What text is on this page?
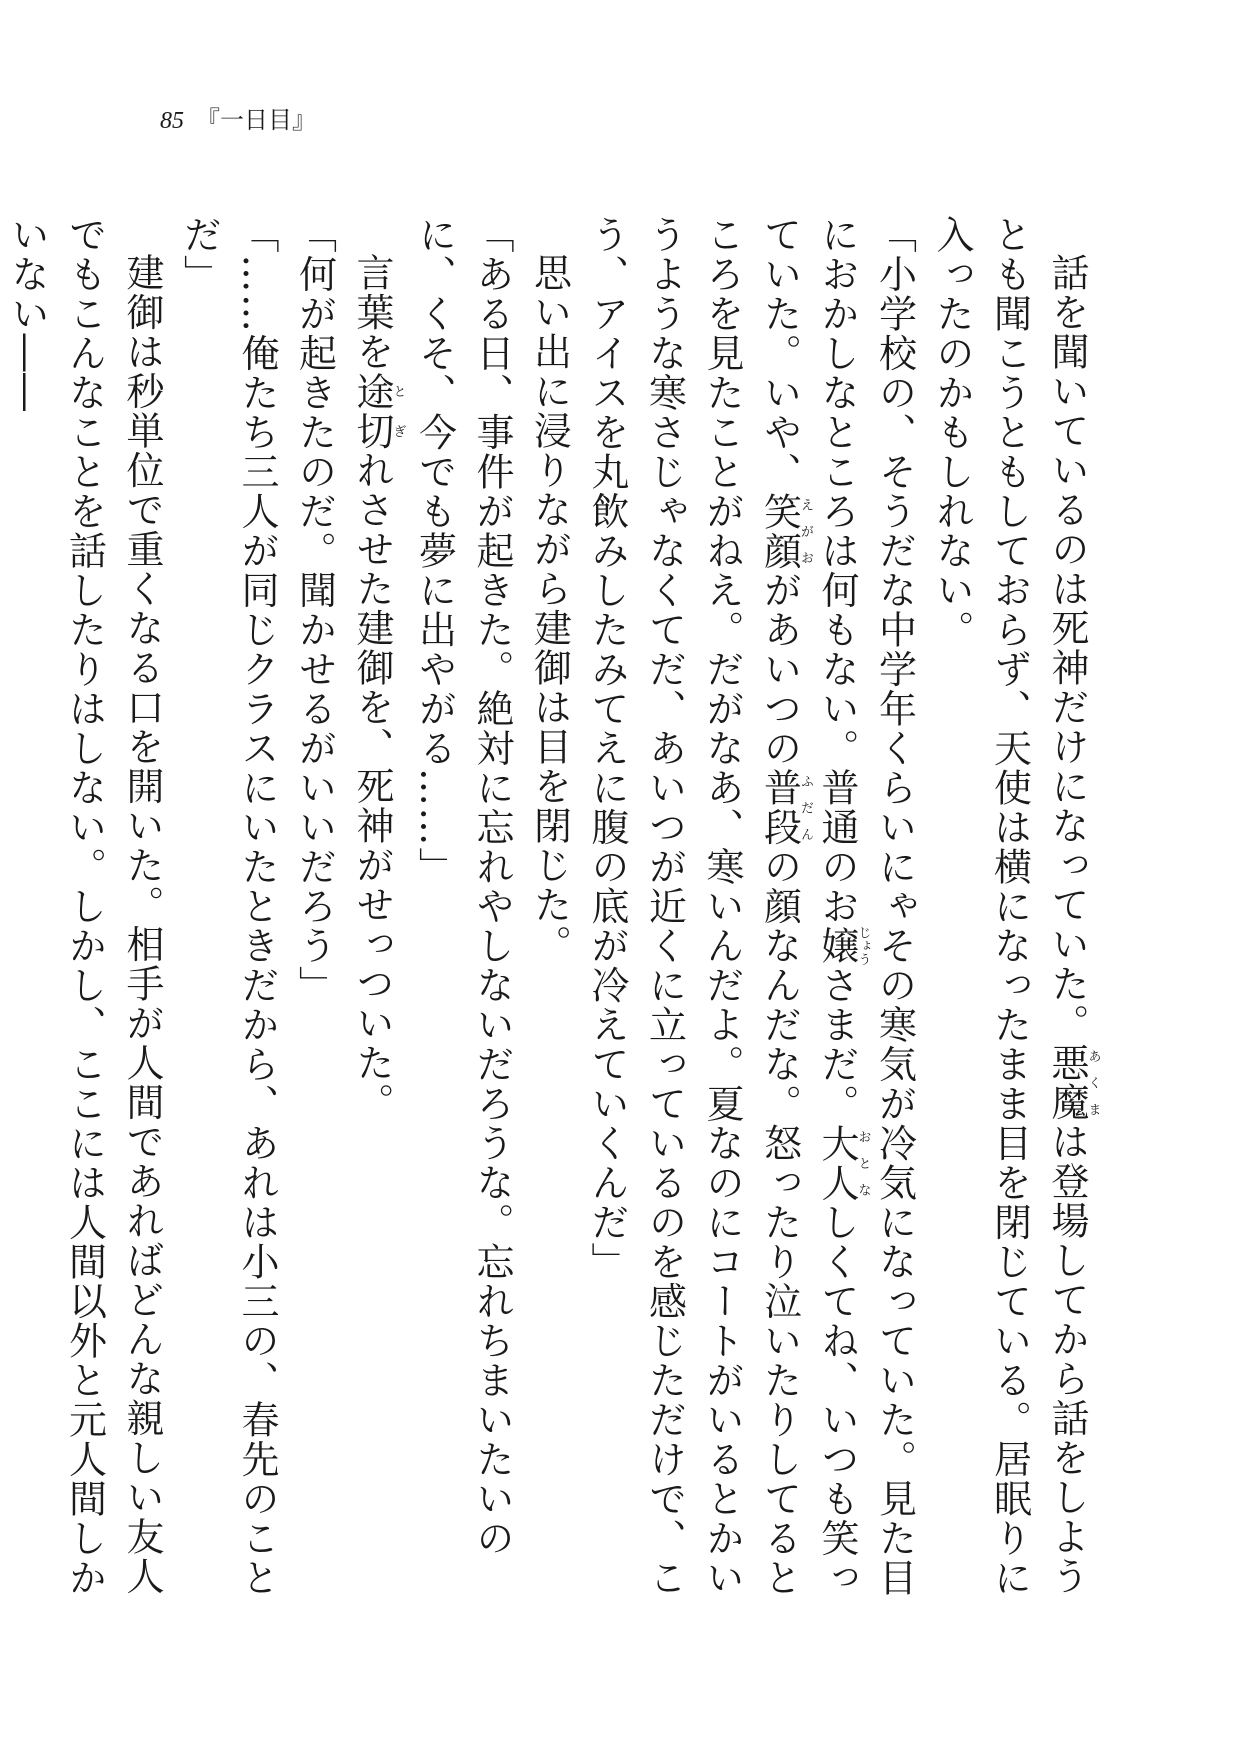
85 『一日目』

話を聞いているのは死神だけになっていた。悪魔あくまは登場してから話をしようとも聞こうともしておらず、天使は横になったまま目を閉じている。居眠りに入ったのかもしれない。

「小学校の、そうだな中学年くらいにゃその寒気が冷気になっていた。見た目におかしなところは何もない。普通のお嬢じょうさまだ。大人おとなしくてね、いつも笑っていた。いや、笑顔えがおがあいつの普段ふだんの顔なんだな。怒ったり泣いたりしてるところを見たことがねえ。だがなあ、寒いんだよ。夏なのにコートがいるとかいうような寒さじゃなくてだ、あいつが近くに立っているのを感じただけで、こう、アイスを丸飲みしたみてえに腹の底が冷えていくんだ」

思い出に浸りながら建御は目を閉じた。

「ある日、事件が起きた。絶対に忘れやしないだろうな。忘れちまいたいのに、くそ、今でも夢に出やがる……」

言葉を途切とぎれさせた建御を、死神がせっついた。

「何が起きたのだ。聞かせるがいいだろう」

「……俺たち三人が同じクラスにいたときだから、あれは小三の、春先のことだ」

建御は秒単位で重くなる口を開いた。相手が人間であればどんな親しい友人でもこんなことを話したりはしない。しかし、ここには人間以外と元人間しかいない――
